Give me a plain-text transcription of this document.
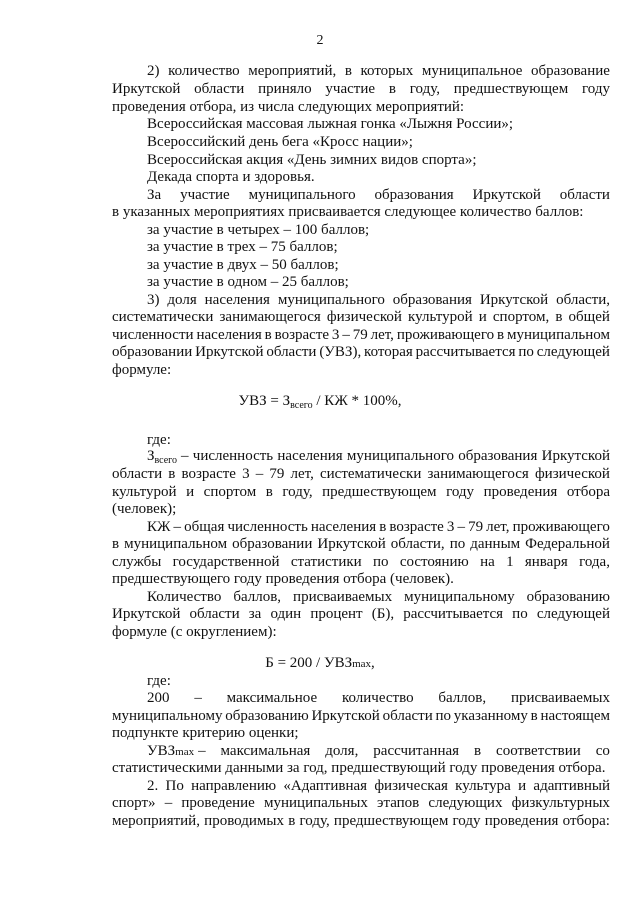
2
2) количество мероприятий, в которых муниципальное образование
Иркутской области приняло участие в году, предшествующем году
проведения отбора, из числа следующих мероприятий:
Всероссийская массовая лыжная гонка «Лыжня России»;
Всероссийский день бега «Кросс нации»;
Всероссийская акция «День зимних видов спорта»;
Декада спорта и здоровья.
За участие муниципального образования Иркутской области
в указанных мероприятиях присваивается следующее количество баллов:
за участие в четырех – 100 баллов;
за участие в трех – 75 баллов;
за участие в двух – 50 баллов;
за участие в одном – 25 баллов;
3) доля населения муниципального образования Иркутской области,
систематически занимающегося физической культурой и спортом, в общей
численности населения в возрасте 3 – 79 лет, проживающего в муниципальном
образовании Иркутской области (УВЗ), которая рассчитывается по следующей
формуле:
УВЗ = $З_{всего}$ / КЖ * 100%,
где:
$З_{всего}$ – численность населения муниципального образования Иркутской
области в возрасте 3 – 79 лет, систематически занимающегося физической
культурой и спортом в году, предшествующем году проведения отбора
(человек);
КЖ – общая численность населения в возрасте 3 – 79 лет, проживающего
в муниципальном образовании Иркутской области, по данным Федеральной
службы государственной статистики по состоянию на 1 января года,
предшествующего году проведения отбора (человек).
Количество баллов, присваиваемых муниципальному образованию
Иркутской области за один процент (Б), рассчитывается по следующей
формуле (с округлением):
Б = 200 / УВЗmax,
где:
200 – максимальное количество баллов, присваиваемых
муниципальному образованию Иркутской области по указанному в настоящем
подпункте критерию оценки;
УВЗmax – максимальная доля, рассчитанная в соответствии со
статистическими данными за год, предшествующий году проведения отбора.
2. По направлению «Адаптивная физическая культура и адаптивный
спорт» – проведение муниципальных этапов следующих физкультурных
мероприятий, проводимых в году, предшествующем году проведения отбора:
